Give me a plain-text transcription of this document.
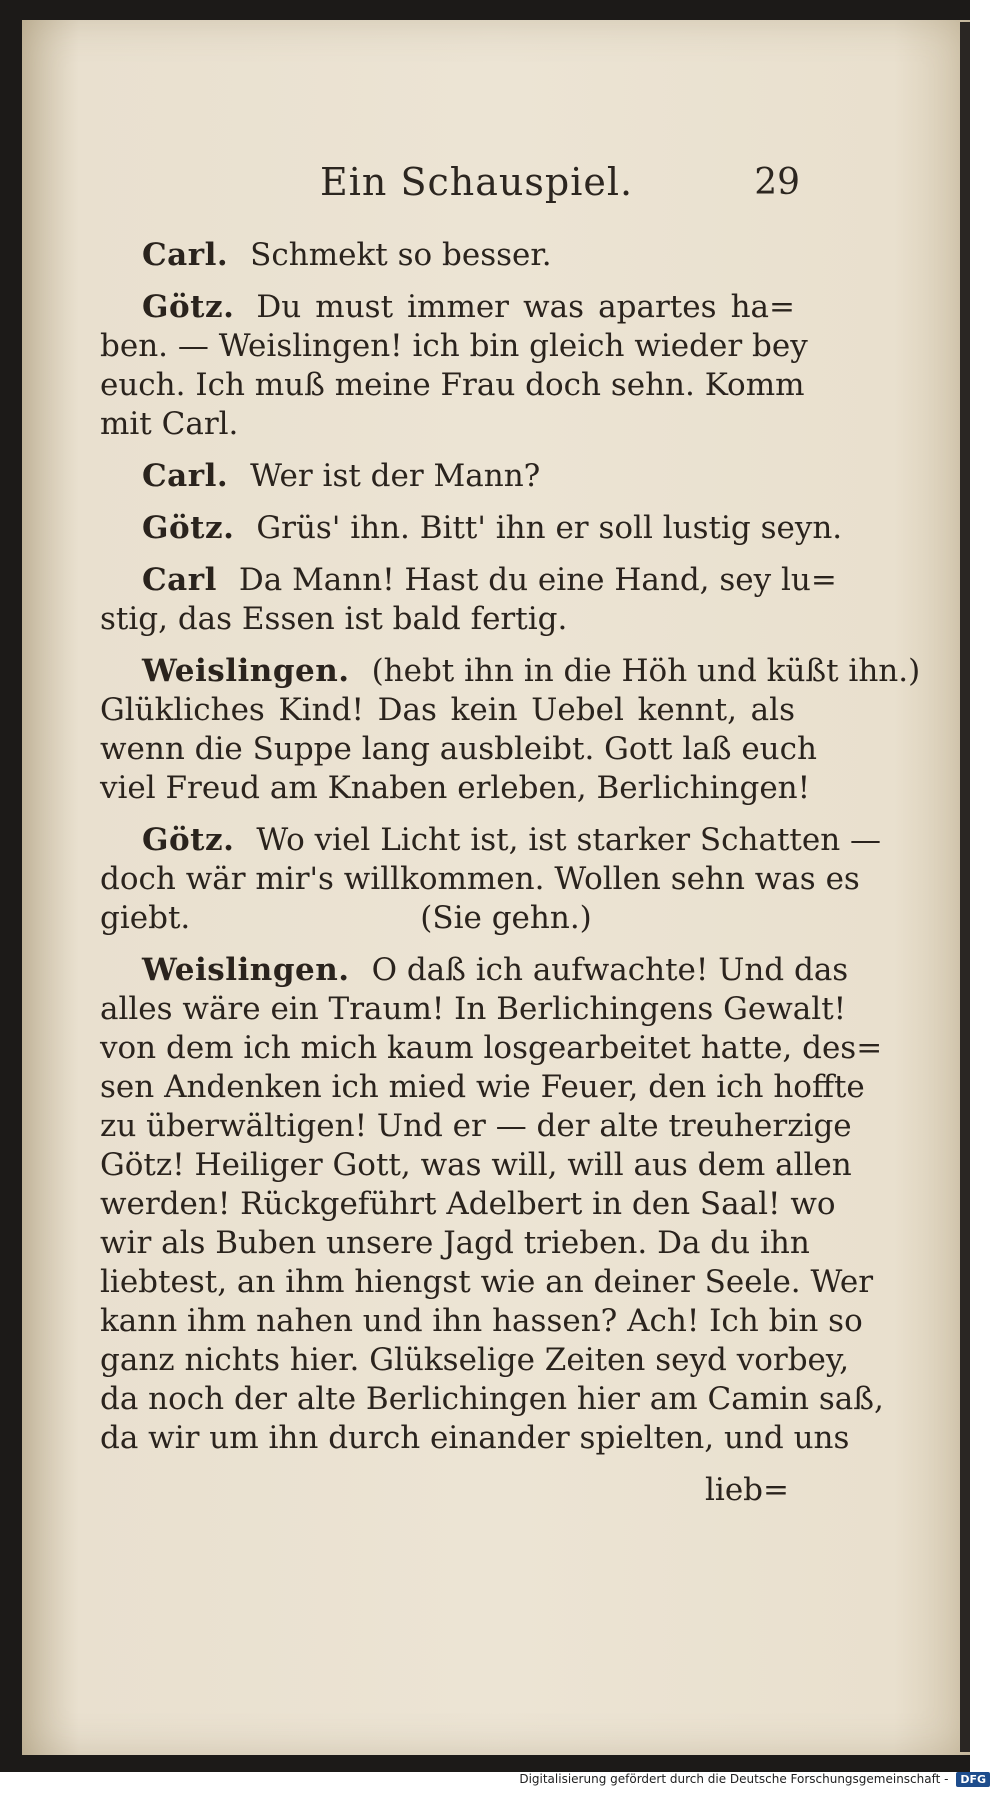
Ein Schauspiel.	29
Carl. Schmekt so besser.
Götz. Du must immer was apartes ha=
ben. — Weislingen! ich bin gleich wieder bey
euch. Ich muß meine Frau doch sehn. Komm
mit Carl.
Carl. Wer ist der Mann?
Götz. Grüs' ihn. Bitt' ihn er soll lustig seyn.
Carl Da Mann! Hast du eine Hand, sey lu=
stig, das Essen ist bald fertig.
Weislingen. (hebt ihn in die Höh und küßt ihn.)
Glükliches Kind! Das kein Uebel kennt, als
wenn die Suppe lang ausbleibt. Gott laß euch
viel Freud am Knaben erleben, Berlichingen!
Götz. Wo viel Licht ist, ist starker Schatten —
doch wär mir's willkommen. Wollen sehn was es
giebt.	(Sie gehn.)
Weislingen. O daß ich aufwachte! Und das
alles wäre ein Traum! In Berlichingens Gewalt!
von dem ich mich kaum losgearbeitet hatte, des=
sen Andenken ich mied wie Feuer, den ich hoffte
zu überwältigen! Und er — der alte treuherzige
Götz! Heiliger Gott, was will, will aus dem allen
werden! Rückgeführt Adelbert in den Saal! wo
wir als Buben unsere Jagd trieben. Da du ihn
liebtest, an ihm hiengst wie an deiner Seele. Wer
kann ihm nahen und ihn hassen? Ach! Ich bin so
ganz nichts hier. Glükselige Zeiten seyd vorbey,
da noch der alte Berlichingen hier am Camin saß,
da wir um ihn durch einander spielten, und uns
lieb=
Digitalisierung gefördert durch die Deutsche Forschungsgemeinschaft - DFG
